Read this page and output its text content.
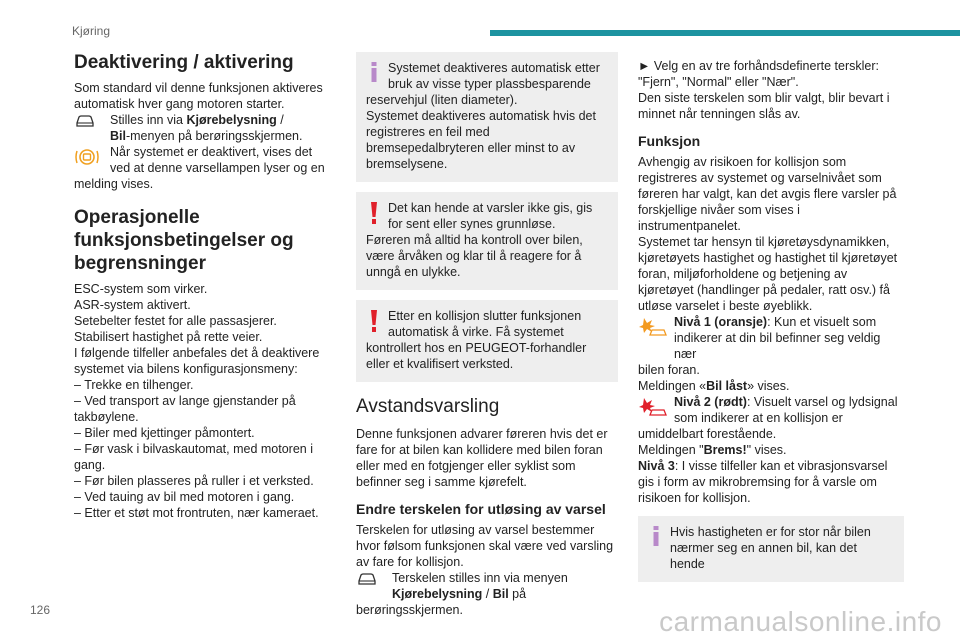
Kjøring
Deaktivering / aktivering

Som standard vil denne funksjonen aktiveres automatisk hver gang motoren starter.

Stilles inn via Kjørebelysning /
Bil-menyen på berøringsskjermen.
Når systemet er deaktivert, vises det ved at denne varsellampen lyser og en

melding vises.

Operasjonelle funksjonsbetingelser og begrensninger

ESC-system som virker.

ASR-system aktivert.

Setebelter festet for alle passasjerer.

Stabilisert hastighet på rette veier.

I følgende tilfeller anbefales det å deaktivere systemet via bilens konfigurasjonsmeny:

– Trekke en tilhenger.

– Ved transport av lange gjenstander på takbøylene.

– Biler med kjettinger påmontert.

– Før vask i bilvaskautomat, med motoren i gang.

– Før bilen plasseres på ruller i et verksted.

– Ved tauing av bil med motoren i gang.

– Etter et støt mot frontruten, nær kameraet.

Systemet deaktiveres automatisk etter bruk av visse typer plassbesparende

reservehjul (liten diameter).

Systemet deaktiveres automatisk hvis det registreres en feil med bremsepedalbryteren eller minst to av bremselysene.

Det kan hende at varsler ikke gis, gis for sent eller synes grunnløse.

Føreren må alltid ha kontroll over bilen, være årvåken og klar til å reagere for å unngå en ulykke.

Etter en kollisjon slutter funksjonen automatisk å virke. Få systemet

kontrollert hos en PEUGEOT-forhandler eller et kvalifisert verksted.

Avstandsvarsling

Denne funksjonen advarer føreren hvis det er fare for at bilen kan kollidere med bilen foran eller med en fotgjenger eller syklist som befinner seg i samme kjørefelt.

Endre terskelen for utløsing av varsel

Terskelen for utløsing av varsel bestemmer hvor følsom funksjonen skal være ved varsling av fare for kollisjon.

Terskelen stilles inn via menyen
Kjørebelysning / Bil på

berøringsskjermen.

► Velg en av tre forhåndsdefinerte terskler: "Fjern", "Normal" eller "Nær".

Den siste terskelen som blir valgt, blir bevart i minnet når tenningen slås av.

Funksjon

Avhengig av risikoen for kollisjon som registreres av systemet og varselnivået som føreren har valgt, kan det avgis flere varsler på forskjellige nivåer som vises i instrumentpanelet.

Systemet tar hensyn til kjøretøysdynamikken, kjøretøyets hastighet og hastighet til kjøretøyet foran, miljøforholdene og betjening av kjøretøyet (handlinger på pedaler, ratt osv.) få utløse varselet i beste øyeblikk.

Nivå 1 (oransje): Kun et visuelt som indikerer at din bil befinner seg veldig nær

bilen foran.

Meldingen «Bil låst» vises.

Nivå 2 (rødt): Visuelt varsel og lydsignal som indikerer at en kollisjon er

umiddelbart forestående.

Meldingen "Brems!" vises.

Nivå 3: I visse tilfeller kan et vibrasjonsvarsel gis i form av mikrobremsing for å varsle om risikoen for kollisjon.

Hvis hastigheten er for stor når bilen nærmer seg en annen bil, kan det hende

126	carmanualsonline.info
